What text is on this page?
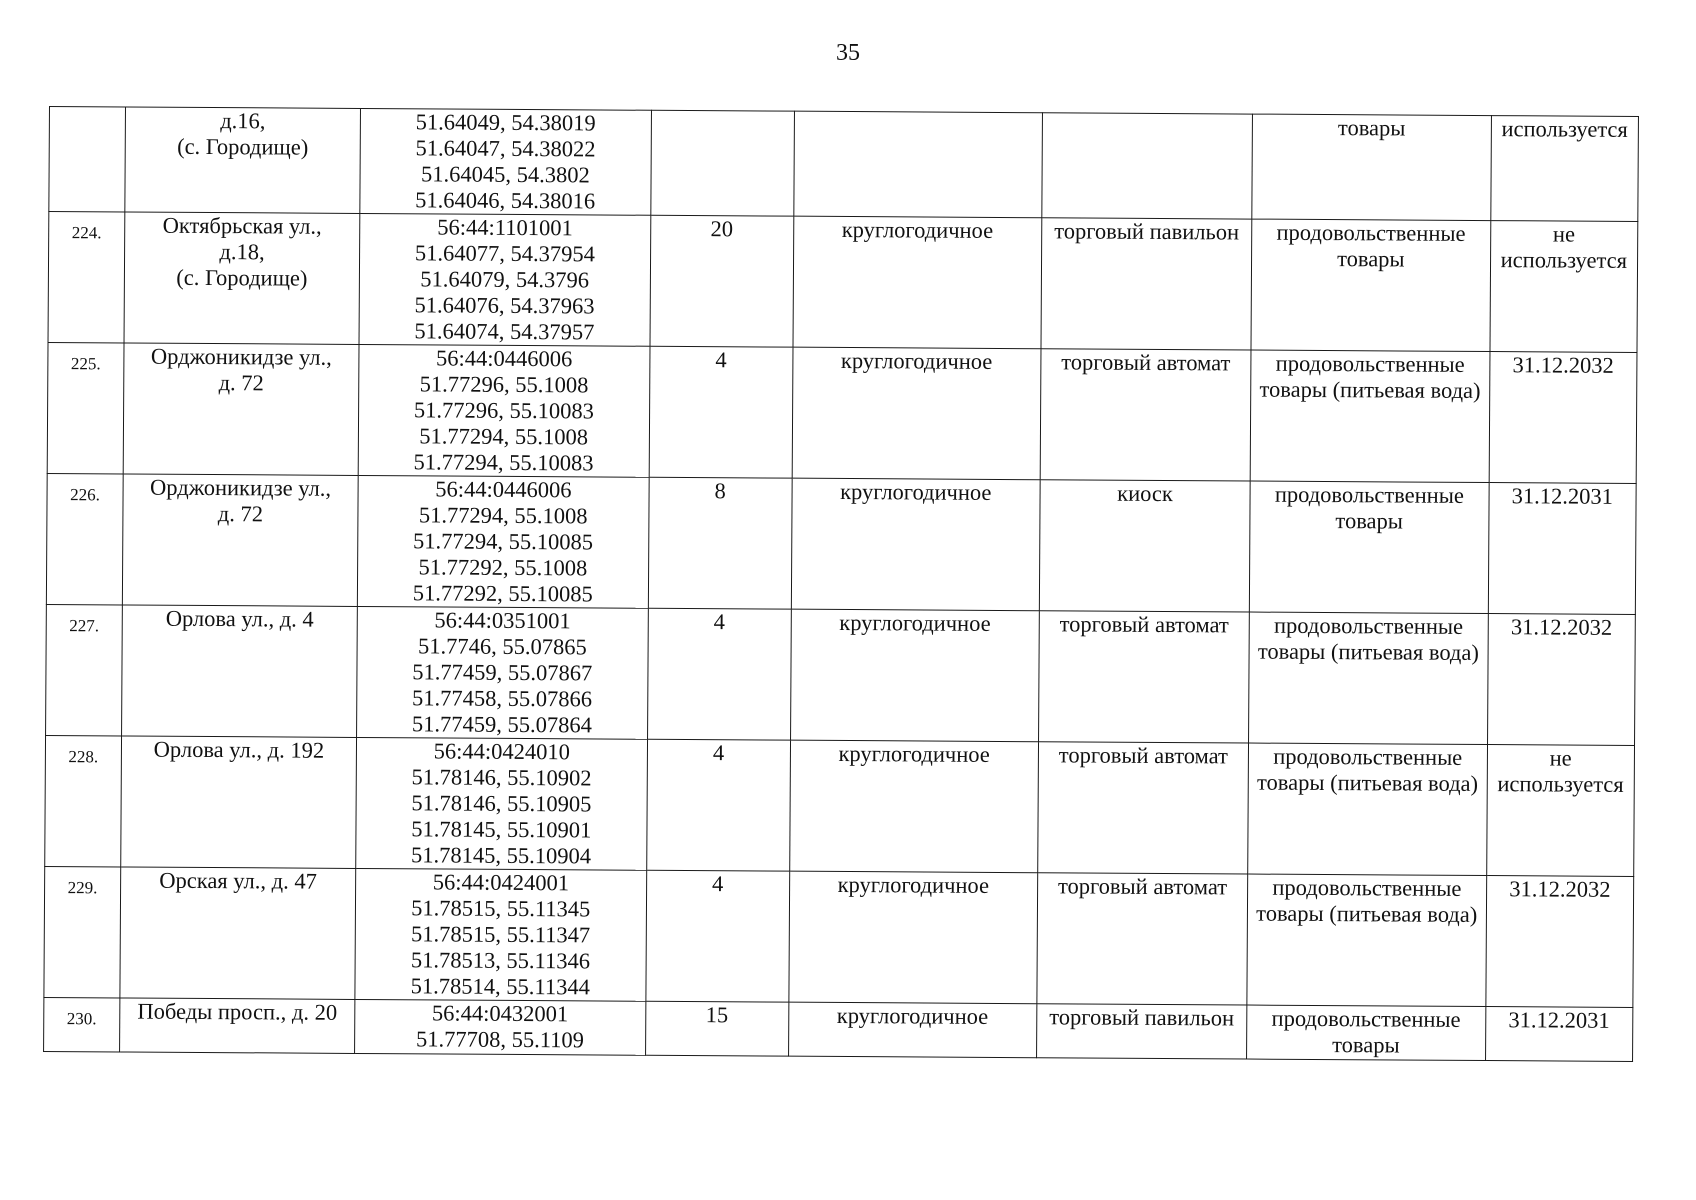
35

	д.16,
(с. Городище)	51.64049, 54.38019
51.64047, 54.38022
51.64045, 54.3802
51.64046, 54.38016				товары	используется
224.	Октябрьская ул.,
д.18,
(с. Городище)	56:44:1101001
51.64077, 54.37954
51.64079, 54.3796
51.64076, 54.37963
51.64074, 54.37957	20	круглогодичное	торговый павильон	продовольственные товары	не используется
225.	Орджоникидзе ул.,
д. 72	56:44:0446006
51.77296, 55.1008
51.77296, 55.10083
51.77294, 55.1008
51.77294, 55.10083	4	круглогодичное	торговый автомат	продовольственные товары (питьевая вода)	31.12.2032
226.	Орджоникидзе ул.,
д. 72	56:44:0446006
51.77294, 55.1008
51.77294, 55.10085
51.77292, 55.1008
51.77292, 55.10085	8	круглогодичное	киоск	продовольственные товары	31.12.2031
227.	Орлова ул., д. 4	56:44:0351001
51.7746, 55.07865
51.77459, 55.07867
51.77458, 55.07866
51.77459, 55.07864	4	круглогодичное	торговый автомат	продовольственные товары (питьевая вода)	31.12.2032
228.	Орлова ул., д. 192	56:44:0424010
51.78146, 55.10902
51.78146, 55.10905
51.78145, 55.10901
51.78145, 55.10904	4	круглогодичное	торговый автомат	продовольственные товары (питьевая вода)	не используется
229.	Орская ул., д. 47	56:44:0424001
51.78515, 55.11345
51.78515, 55.11347
51.78513, 55.11346
51.78514, 55.11344	4	круглогодичное	торговый автомат	продовольственные товары (питьевая вода)	31.12.2032
230.	Победы просп., д. 20	56:44:0432001
51.77708, 55.1109	15	круглогодичное	торговый павильон	продовольственные товары	31.12.2031
